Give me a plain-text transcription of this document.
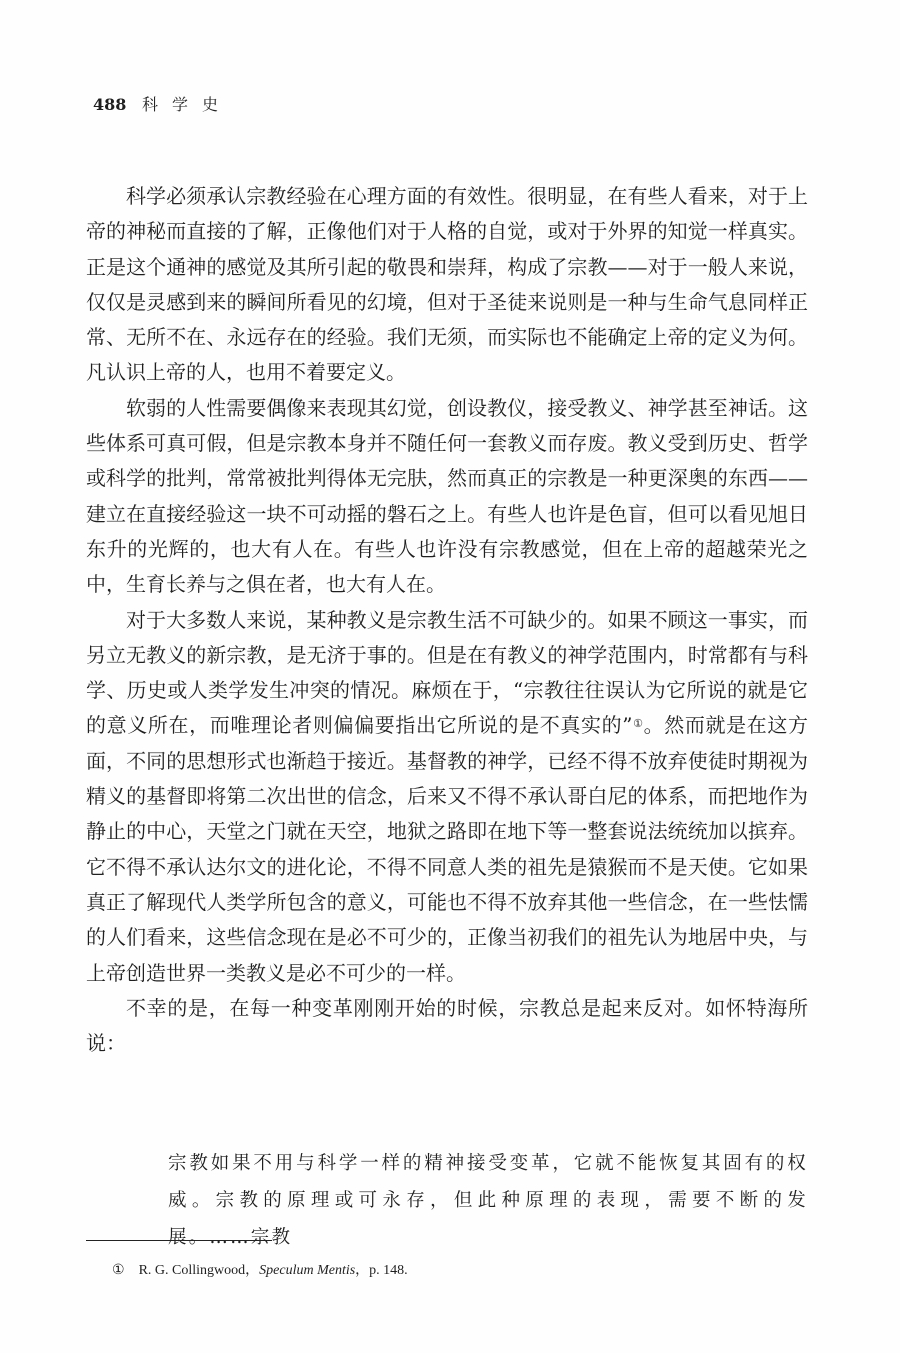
488 科学史

科学必须承认宗教经验在心理方面的有效性。很明显，在有些人看来，对于上帝的神秘而直接的了解，正像他们对于人格的自觉，或对于外界的知觉一样真实。正是这个通神的感觉及其所引起的敬畏和崇拜，构成了宗教——对于一般人来说，仅仅是灵感到来的瞬间所看见的幻境，但对于圣徒来说则是一种与生命气息同样正常、无所不在、永远存在的经验。我们无须，而实际也不能确定上帝的定义为何。凡认识上帝的人，也用不着要定义。

软弱的人性需要偶像来表现其幻觉，创设教仪，接受教义、神学甚至神话。这些体系可真可假，但是宗教本身并不随任何一套教义而存废。教义受到历史、哲学或科学的批判，常常被批判得体无完肤，然而真正的宗教是一种更深奥的东西——建立在直接经验这一块不可动摇的磐石之上。有些人也许是色盲，但可以看见旭日东升的光辉的，也大有人在。有些人也许没有宗教感觉，但在上帝的超越荣光之中，生育长养与之俱在者，也大有人在。

对于大多数人来说，某种教义是宗教生活不可缺少的。如果不顾这一事实，而另立无教义的新宗教，是无济于事的。但是在有教义的神学范围内，时常都有与科学、历史或人类学发生冲突的情况。麻烦在于，“宗教往往误认为它所说的就是它的意义所在，而唯理论者则偏偏要指出它所说的是不真实的”①。然而就是在这方面，不同的思想形式也渐趋于接近。基督教的神学，已经不得不放弃使徒时期视为精义的基督即将第二次出世的信念，后来又不得不承认哥白尼的体系，而把地作为静止的中心，天堂之门就在天空，地狱之路即在地下等一整套说法统统加以摈弃。它不得不承认达尔文的进化论，不得不同意人类的祖先是猿猴而不是天使。它如果真正了解现代人类学所包含的意义，可能也不得不放弃其他一些信念，在一些怯懦的人们看来，这些信念现在是必不可少的，正像当初我们的祖先认为地居中央，与上帝创造世界一类教义是必不可少的一样。

不幸的是，在每一种变革刚刚开始的时候，宗教总是起来反对。如怀特海所说：

宗教如果不用与科学一样的精神接受变革，它就不能恢复其固有的权威。宗教的原理或可永存，但此种原理的表现，需要不断的发展。……宗教

① R. G. Collingwood，Speculum Mentis，p. 148.
